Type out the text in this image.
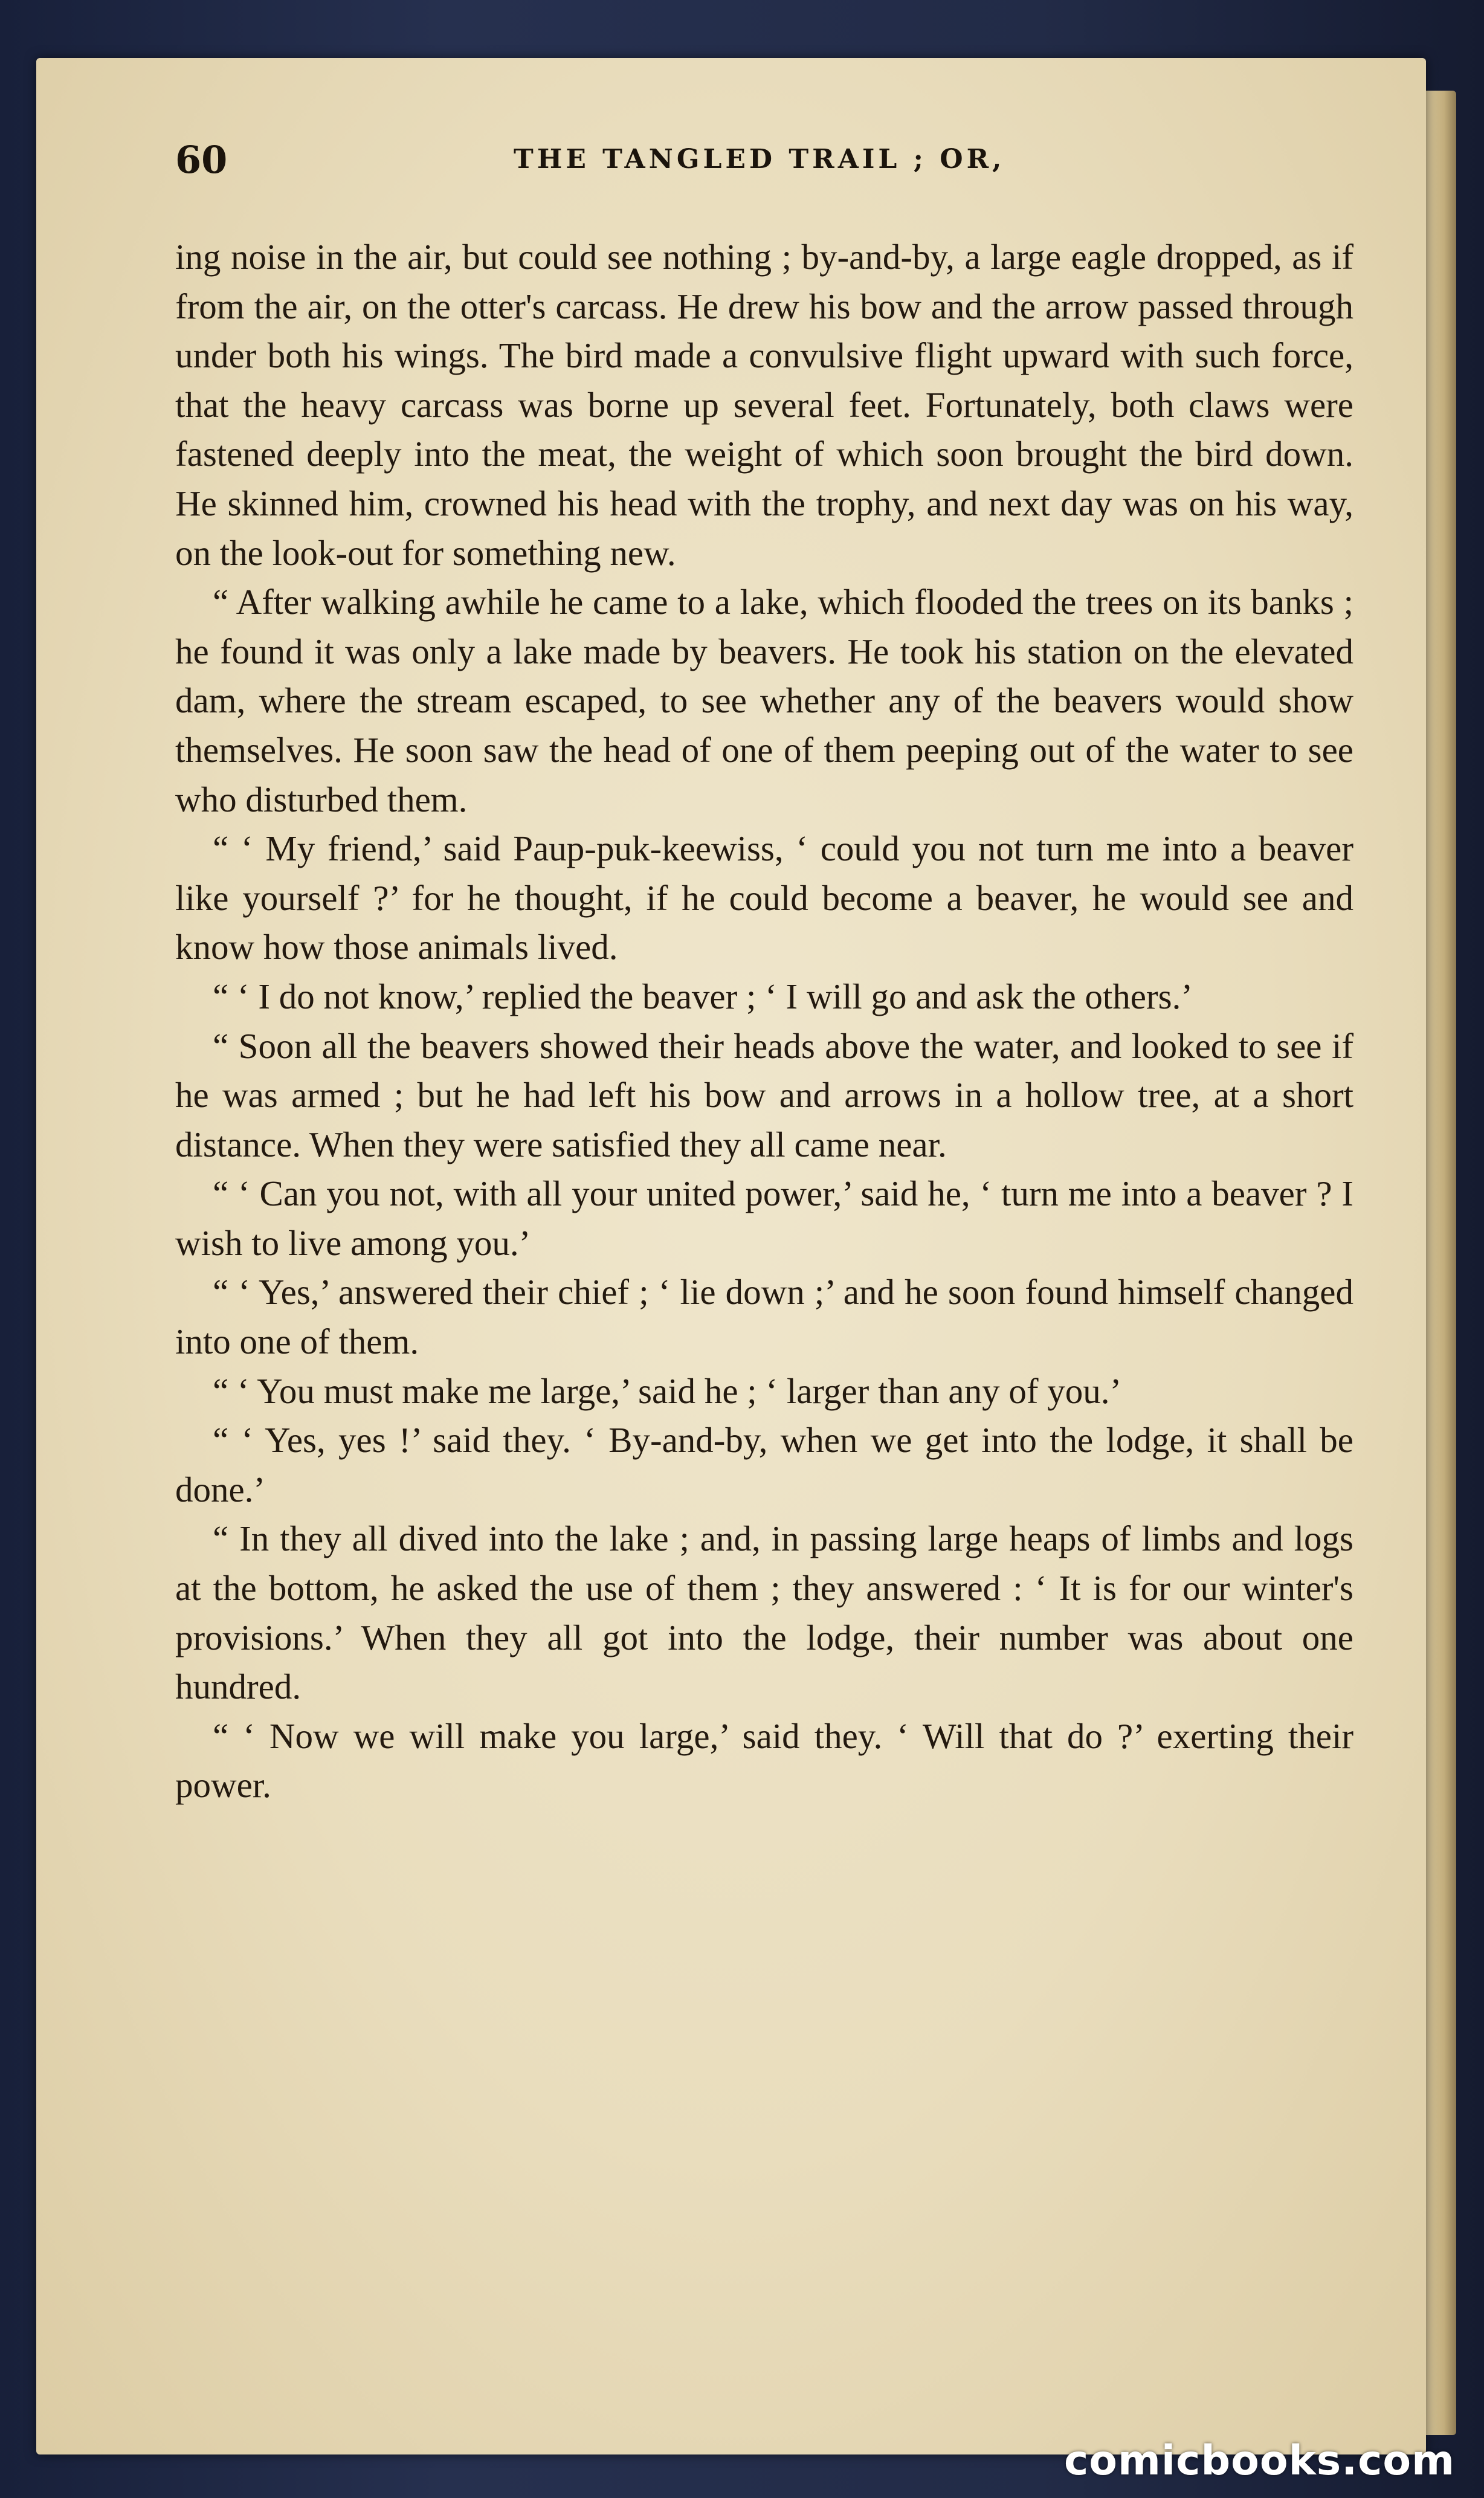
60	THE TANGLED TRAIL ; OR,

ing noise in the air, but could see nothing ; by-and-by, a large eagle dropped, as if from the air, on the otter's carcass. He drew his bow and the arrow passed through under both his wings. The bird made a convulsive flight upward with such force, that the heavy carcass was borne up several feet. Fortunately, both claws were fastened deeply into the meat, the weight of which soon brought the bird down. He skinned him, crowned his head with the trophy, and next day was on his way, on the look-out for something new.

“ After walking awhile he came to a lake, which flooded the trees on its banks ; he found it was only a lake made by beavers. He took his station on the elevated dam, where the stream escaped, to see whether any of the beavers would show themselves. He soon saw the head of one of them peeping out of the water to see who disturbed them.

“ ‘ My friend,’ said Paup-puk-keewiss, ‘ could you not turn me into a beaver like yourself ?’ for he thought, if he could become a beaver, he would see and know how those animals lived.

“ ‘ I do not know,’ replied the beaver ; ‘ I will go and ask the others.’

“ Soon all the beavers showed their heads above the water, and looked to see if he was armed ; but he had left his bow and arrows in a hollow tree, at a short distance. When they were satisfied they all came near.

“ ‘ Can you not, with all your united power,’ said he, ‘ turn me into a beaver ? I wish to live among you.’

“ ‘ Yes,’ answered their chief ; ‘ lie down ;’ and he soon found himself changed into one of them.

“ ‘ You must make me large,’ said he ; ‘ larger than any of you.’

“ ‘ Yes, yes !’ said they. ‘ By-and-by, when we get into the lodge, it shall be done.’

“ In they all dived into the lake ; and, in passing large heaps of limbs and logs at the bottom, he asked the use of them ; they answered : ‘ It is for our winter's provisions.’ When they all got into the lodge, their number was about one hundred.

“ ‘ Now we will make you large,’ said they. ‘ Will that do ?’ exerting their power.

comicbooks.com
